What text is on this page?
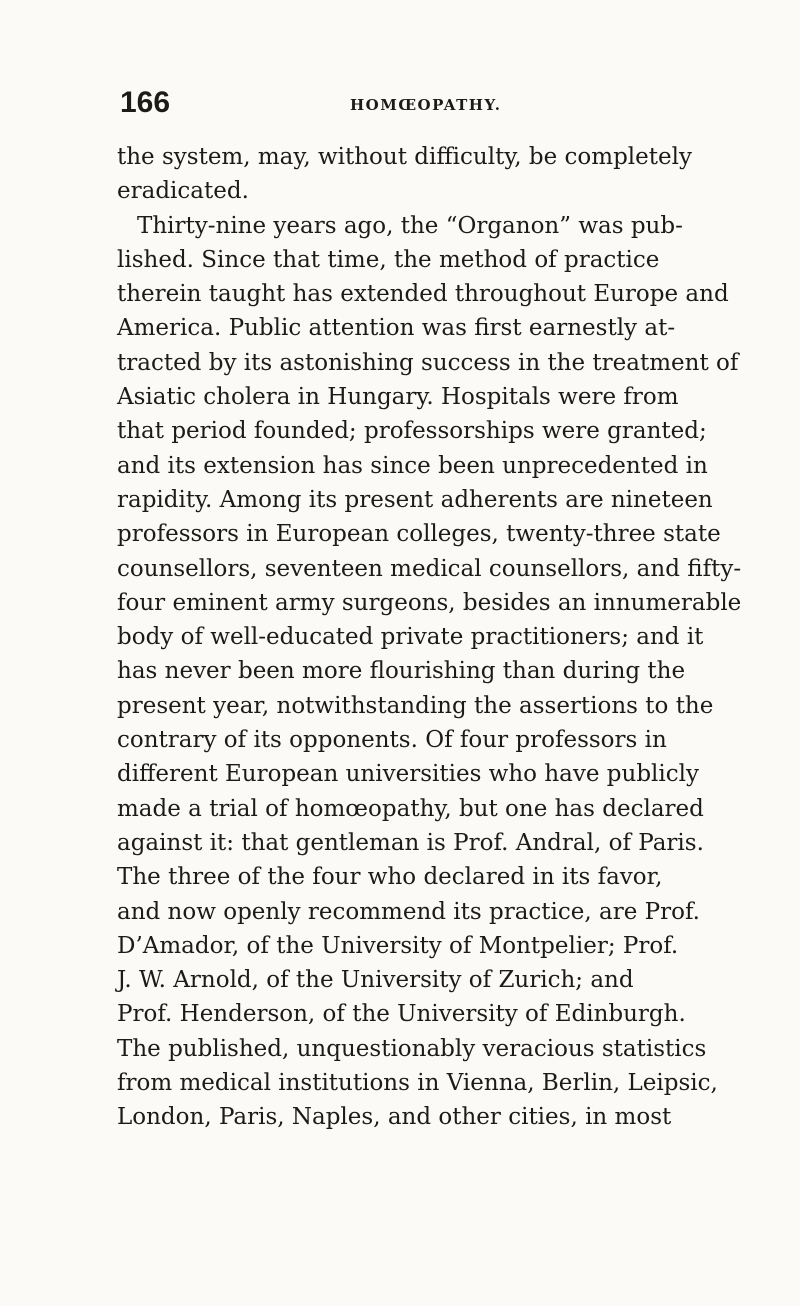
166	HOMŒOPATHY.
the system, may, without difficulty, be completely
eradicated.
Thirty-nine years ago, the “Organon” was pub-
lished. Since that time, the method of practice
therein taught has extended throughout Europe and
America. Public attention was first earnestly at-
tracted by its astonishing success in the treatment of
Asiatic cholera in Hungary. Hospitals were from
that period founded; professorships were granted;
and its extension has since been unprecedented in
rapidity. Among its present adherents are nineteen
professors in European colleges, twenty-three state
counsellors, seventeen medical counsellors, and fifty-
four eminent army surgeons, besides an innumerable
body of well-educated private practitioners; and it
has never been more flourishing than during the
present year, notwithstanding the assertions to the
contrary of its opponents. Of four professors in
different European universities who have publicly
made a trial of homœopathy, but one has declared
against it: that gentleman is Prof. Andral, of Paris.
The three of the four who declared in its favor,
and now openly recommend its practice, are Prof.
D’Amador, of the University of Montpelier; Prof.
J. W. Arnold, of the University of Zurich; and
Prof. Henderson, of the University of Edinburgh.
The published, unquestionably veracious statistics
from medical institutions in Vienna, Berlin, Leipsic,
London, Paris, Naples, and other cities, in most
